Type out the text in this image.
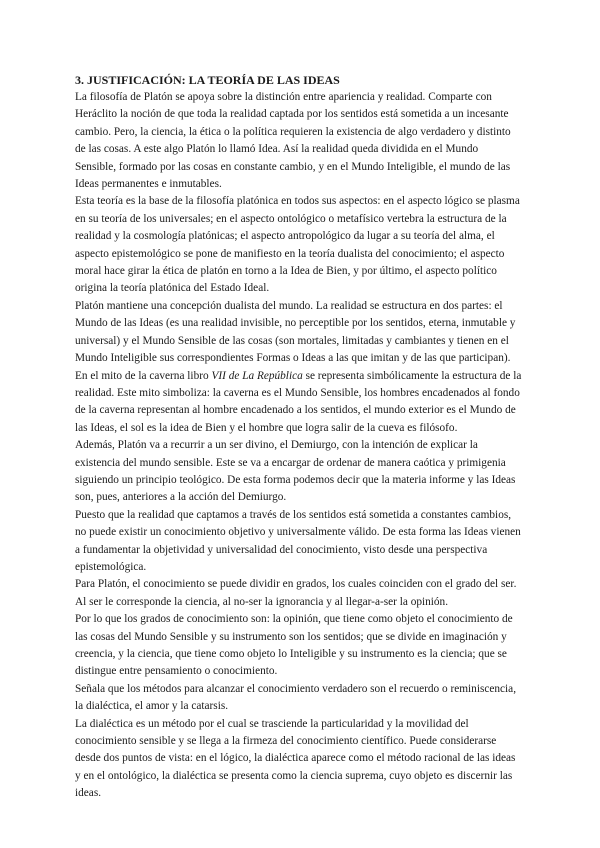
3. JUSTIFICACIÓN: LA TEORÍA DE LAS IDEAS

La filosofía de Platón se apoya sobre la distinción entre apariencia y realidad. Comparte con Heráclito la noción de que toda la realidad captada por los sentidos está sometida a un incesante cambio. Pero, la ciencia, la ética o la política requieren la existencia de algo verdadero y distinto de las cosas. A este algo Platón lo llamó Idea. Así la realidad queda dividida en el Mundo Sensible, formado por las cosas en constante cambio, y en el Mundo Inteligible, el mundo de las Ideas permanentes e inmutables.

Esta teoría es la base de la filosofía platónica en todos sus aspectos: en el aspecto lógico se plasma en su teoría de los universales; en el aspecto ontológico o metafísico vertebra la estructura de la realidad y la cosmología platónicas; el aspecto antropológico da lugar a su teoría del alma, el aspecto epistemológico se pone de manifiesto en la teoría dualista del conocimiento; el aspecto moral hace girar la ética de platón en torno a la Idea de Bien, y por último, el aspecto político origina la teoría platónica del Estado Ideal.

Platón mantiene una concepción dualista del mundo. La realidad se estructura en dos partes: el Mundo de las Ideas (es una realidad invisible, no perceptible por los sentidos, eterna, inmutable y universal) y el Mundo Sensible de las cosas (son mortales, limitadas y cambiantes y tienen en el Mundo Inteligible sus correspondientes Formas o Ideas a las que imitan y de las que participan).

En el mito de la caverna libro VII de La República se representa simbólicamente la estructura de la realidad. Este mito simboliza: la caverna es el Mundo Sensible, los hombres encadenados al fondo de la caverna representan al hombre encadenado a los sentidos, el mundo exterior es el Mundo de las Ideas, el sol es la idea de Bien y el hombre que logra salir de la cueva es filósofo.

Además, Platón va a recurrir a un ser divino, el Demiurgo, con la intención de explicar la existencia del mundo sensible. Este se va a encargar de ordenar de manera caótica y primigenia siguiendo un principio teológico. De esta forma podemos decir que la materia informe y las Ideas son, pues, anteriores a la acción del Demiurgo.

Puesto que la realidad que captamos a través de los sentidos está sometida a constantes cambios, no puede existir un conocimiento objetivo y universalmente válido. De esta forma las Ideas vienen a fundamentar la objetividad y universalidad del conocimiento, visto desde una perspectiva epistemológica.

Para Platón, el conocimiento se puede dividir en grados, los cuales coinciden con el grado del ser. Al ser le corresponde la ciencia, al no-ser la ignorancia y al llegar-a-ser la opinión.

Por lo que los grados de conocimiento son: la opinión, que tiene como objeto el conocimiento de las cosas del Mundo Sensible y su instrumento son los sentidos; que se divide en imaginación y creencia, y la ciencia, que tiene como objeto lo Inteligible y su instrumento es la ciencia; que se distingue entre pensamiento o conocimiento.

Señala que los métodos para alcanzar el conocimiento verdadero son el recuerdo o reminiscencia, la dialéctica, el amor y la catarsis.

La dialéctica es un método por el cual se trasciende la particularidad y la movilidad del conocimiento sensible y se llega a la firmeza del conocimiento científico. Puede considerarse desde dos puntos de vista: en el lógico, la dialéctica aparece como el método racional de las ideas y en el ontológico, la dialéctica se presenta como la ciencia suprema, cuyo objeto es discernir las ideas.
